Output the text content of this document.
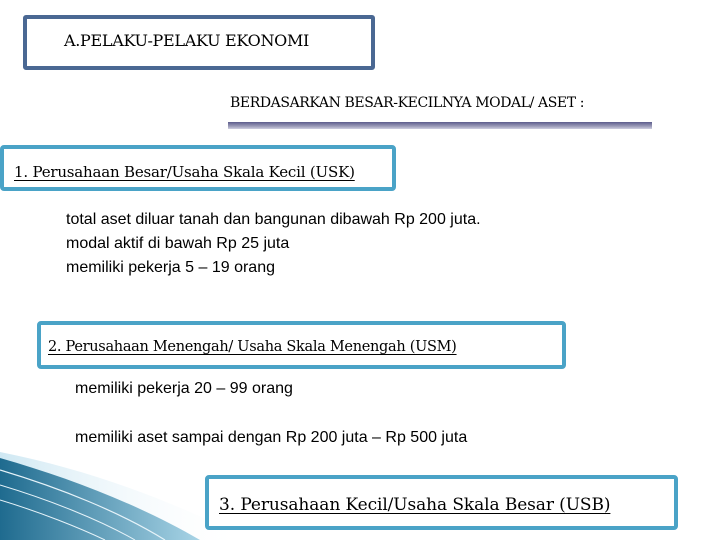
A.PELAKU-PELAKU EKONOMI
BERDASARKAN BESAR-KECILNYA MODAL/ ASET :
1. Perusahaan Besar/Usaha Skala Kecil (USK)
total aset diluar tanah dan bangunan dibawah Rp 200 juta.
modal aktif di bawah Rp 25 juta
memiliki pekerja 5 – 19 orang
2. Perusahaan Menengah/ Usaha Skala Menengah (USM)
memiliki pekerja 20 – 99 orang
memiliki aset sampai dengan Rp 200 juta – Rp 500 juta
3. Perusahaan Kecil/Usaha Skala Besar (USB)
